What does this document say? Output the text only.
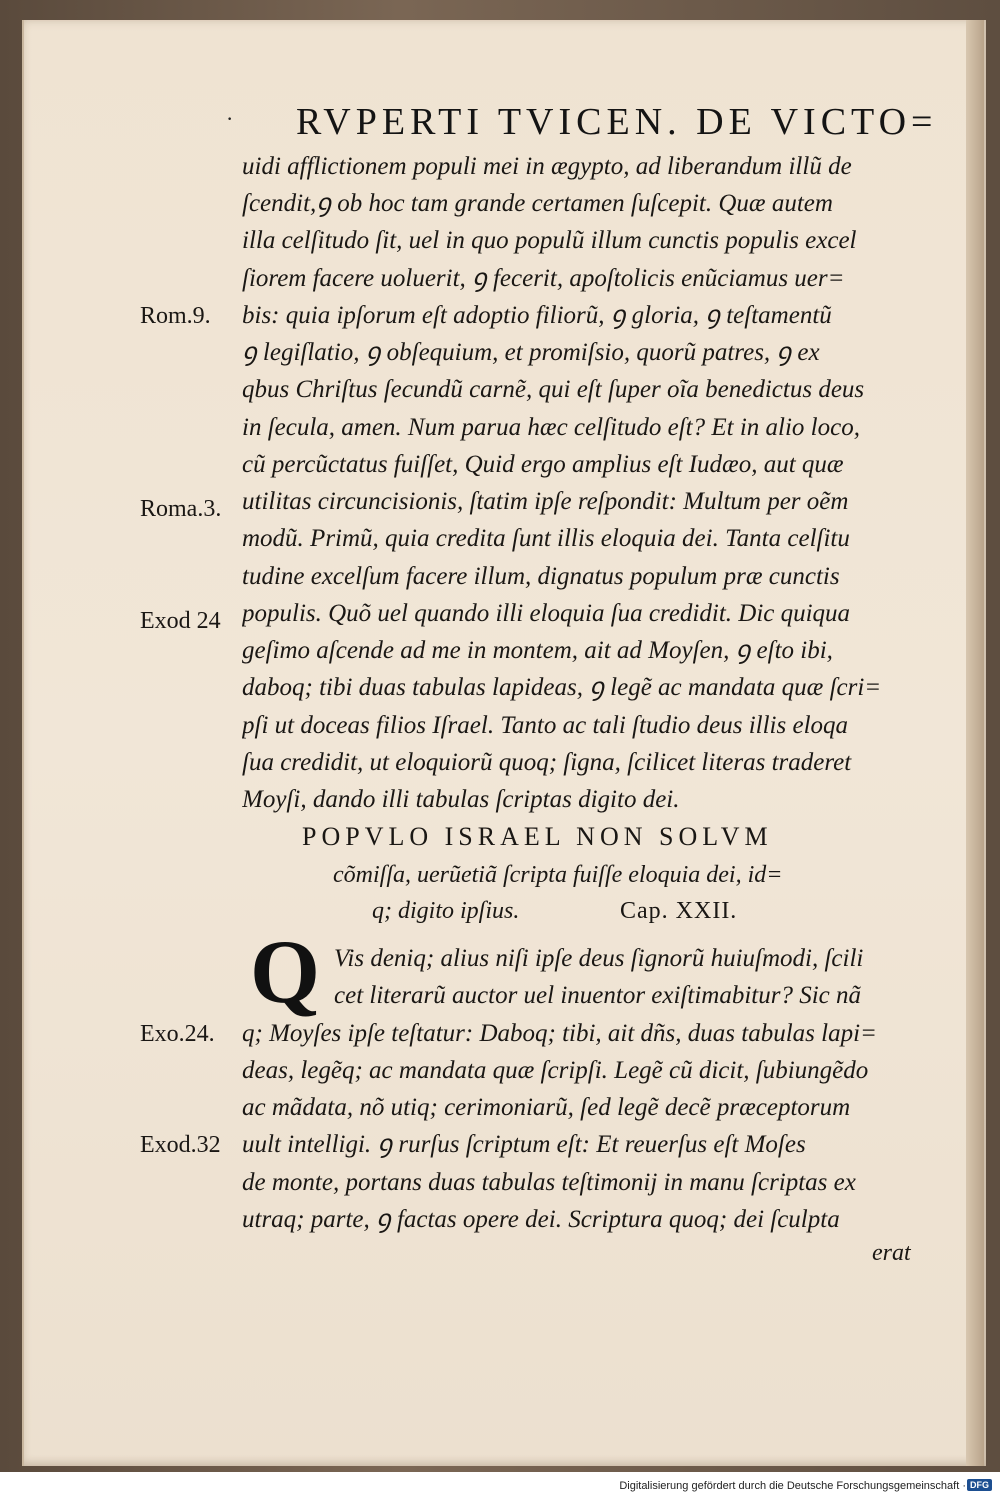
· RVPERTI TVICEN. DE VICTO=
uidi afflictionem populi mei in ægypto, ad liberandum illũ de
ſcendit,ꝯ ob hoc tam grande certamen ſuſcepit. Quæ autem
illa celſitudo ſit, uel in quo populũ illum cunctis populis excel
ſiorem facere uoluerit, ꝯ fecerit, apoſtolicis enũciamus uer=
bis: quia ipſorum eſt adoptio filiorũ, ꝯ gloria, ꝯ teſtamentũ
ꝯ legiſlatio, ꝯ obſequium, et promiſsio, quorũ patres, ꝯ ex
qbus Chriſtus ſecundũ carnẽ, qui eſt ſuper oĩa benedictus deus
in ſecula, amen. Num parua hæc celſitudo eſt? Et in alio loco,
cũ percũctatus fuiſſet, Quid ergo amplius eſt Iudæo, aut quæ
utilitas circuncisionis, ſtatim ipſe reſpondit: Multum per oẽm
modũ. Primũ, quia credita ſunt illis eloquia dei. Tanta celſitu
tudine excelſum facere illum, dignatus populum præ cunctis
populis. Quõ uel quando illi eloquia ſua credidit. Dic quiqua
geſimo aſcende ad me in montem, ait ad Moyſen, ꝯ eſto ibi,
daboq; tibi duas tabulas lapideas, ꝯ legẽ ac mandata quæ ſcri=
pſi ut doceas filios Iſrael. Tanto ac tali ſtudio deus illis eloqa
ſua credidit, ut eloquiorũ quoq; ſigna, ſcilicet literas traderet
Moyſi, dando illi tabulas ſcriptas digito dei.
Rom.9.
Roma.3.
Exod 24
POPVLO ISRAEL NON SOLVM
cõmiſſa, uerũetiã ſcripta fuiſſe eloquia dei, id=
q; digito ipſius.	Cap. XXII.
Q Vis deniq; alius niſi ipſe deus ſignorũ huiuſmodi, ſcili
cet literarũ auctor uel inuentor exiſtimabitur? Sic nã
q; Moyſes ipſe teſtatur: Daboq; tibi, ait dñs, duas tabulas lapi=
deas, legẽq; ac mandata quæ ſcripſi. Legẽ cũ dicit, ſubiungẽdo
ac mãdata, nõ utiq; cerimoniarũ, ſed legẽ decẽ præceptorum
uult intelligi. ꝯ rurſus ſcriptum eſt: Et reuerſus eſt Moſes
de monte, portans duas tabulas teſtimonij in manu ſcriptas ex
utraq; parte, ꝯ factas opere dei. Scriptura quoq; dei ſculpta
Exo.24.
Exod.32
erat
Digitalisierung gefördert durch die Deutsche Forschungsgemeinschaft · DFG
